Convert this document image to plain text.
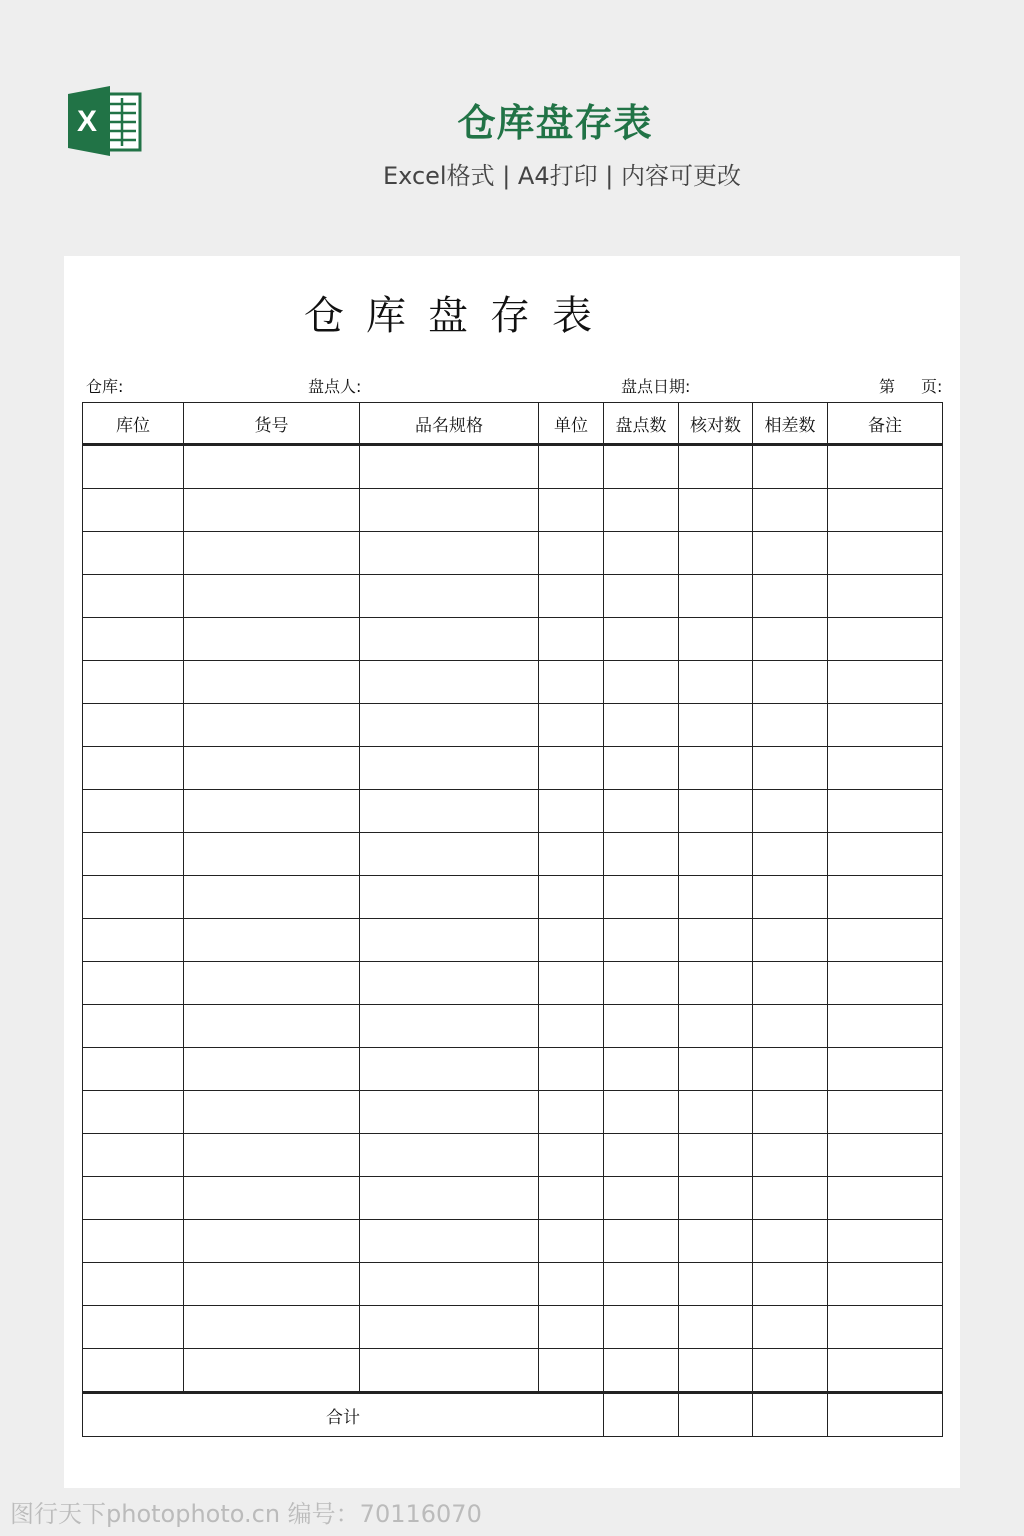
X	仓库盘存表
Excel格式 | A4打印 | 内容可更改
仓库盘存表
仓库:	盘点人:	盘点日期:	第 页:
库位	货号	品名规格	单位	盘点数	核对数	相差数	备注

合计							
图行天下photophoto.cn 编号：70116070
